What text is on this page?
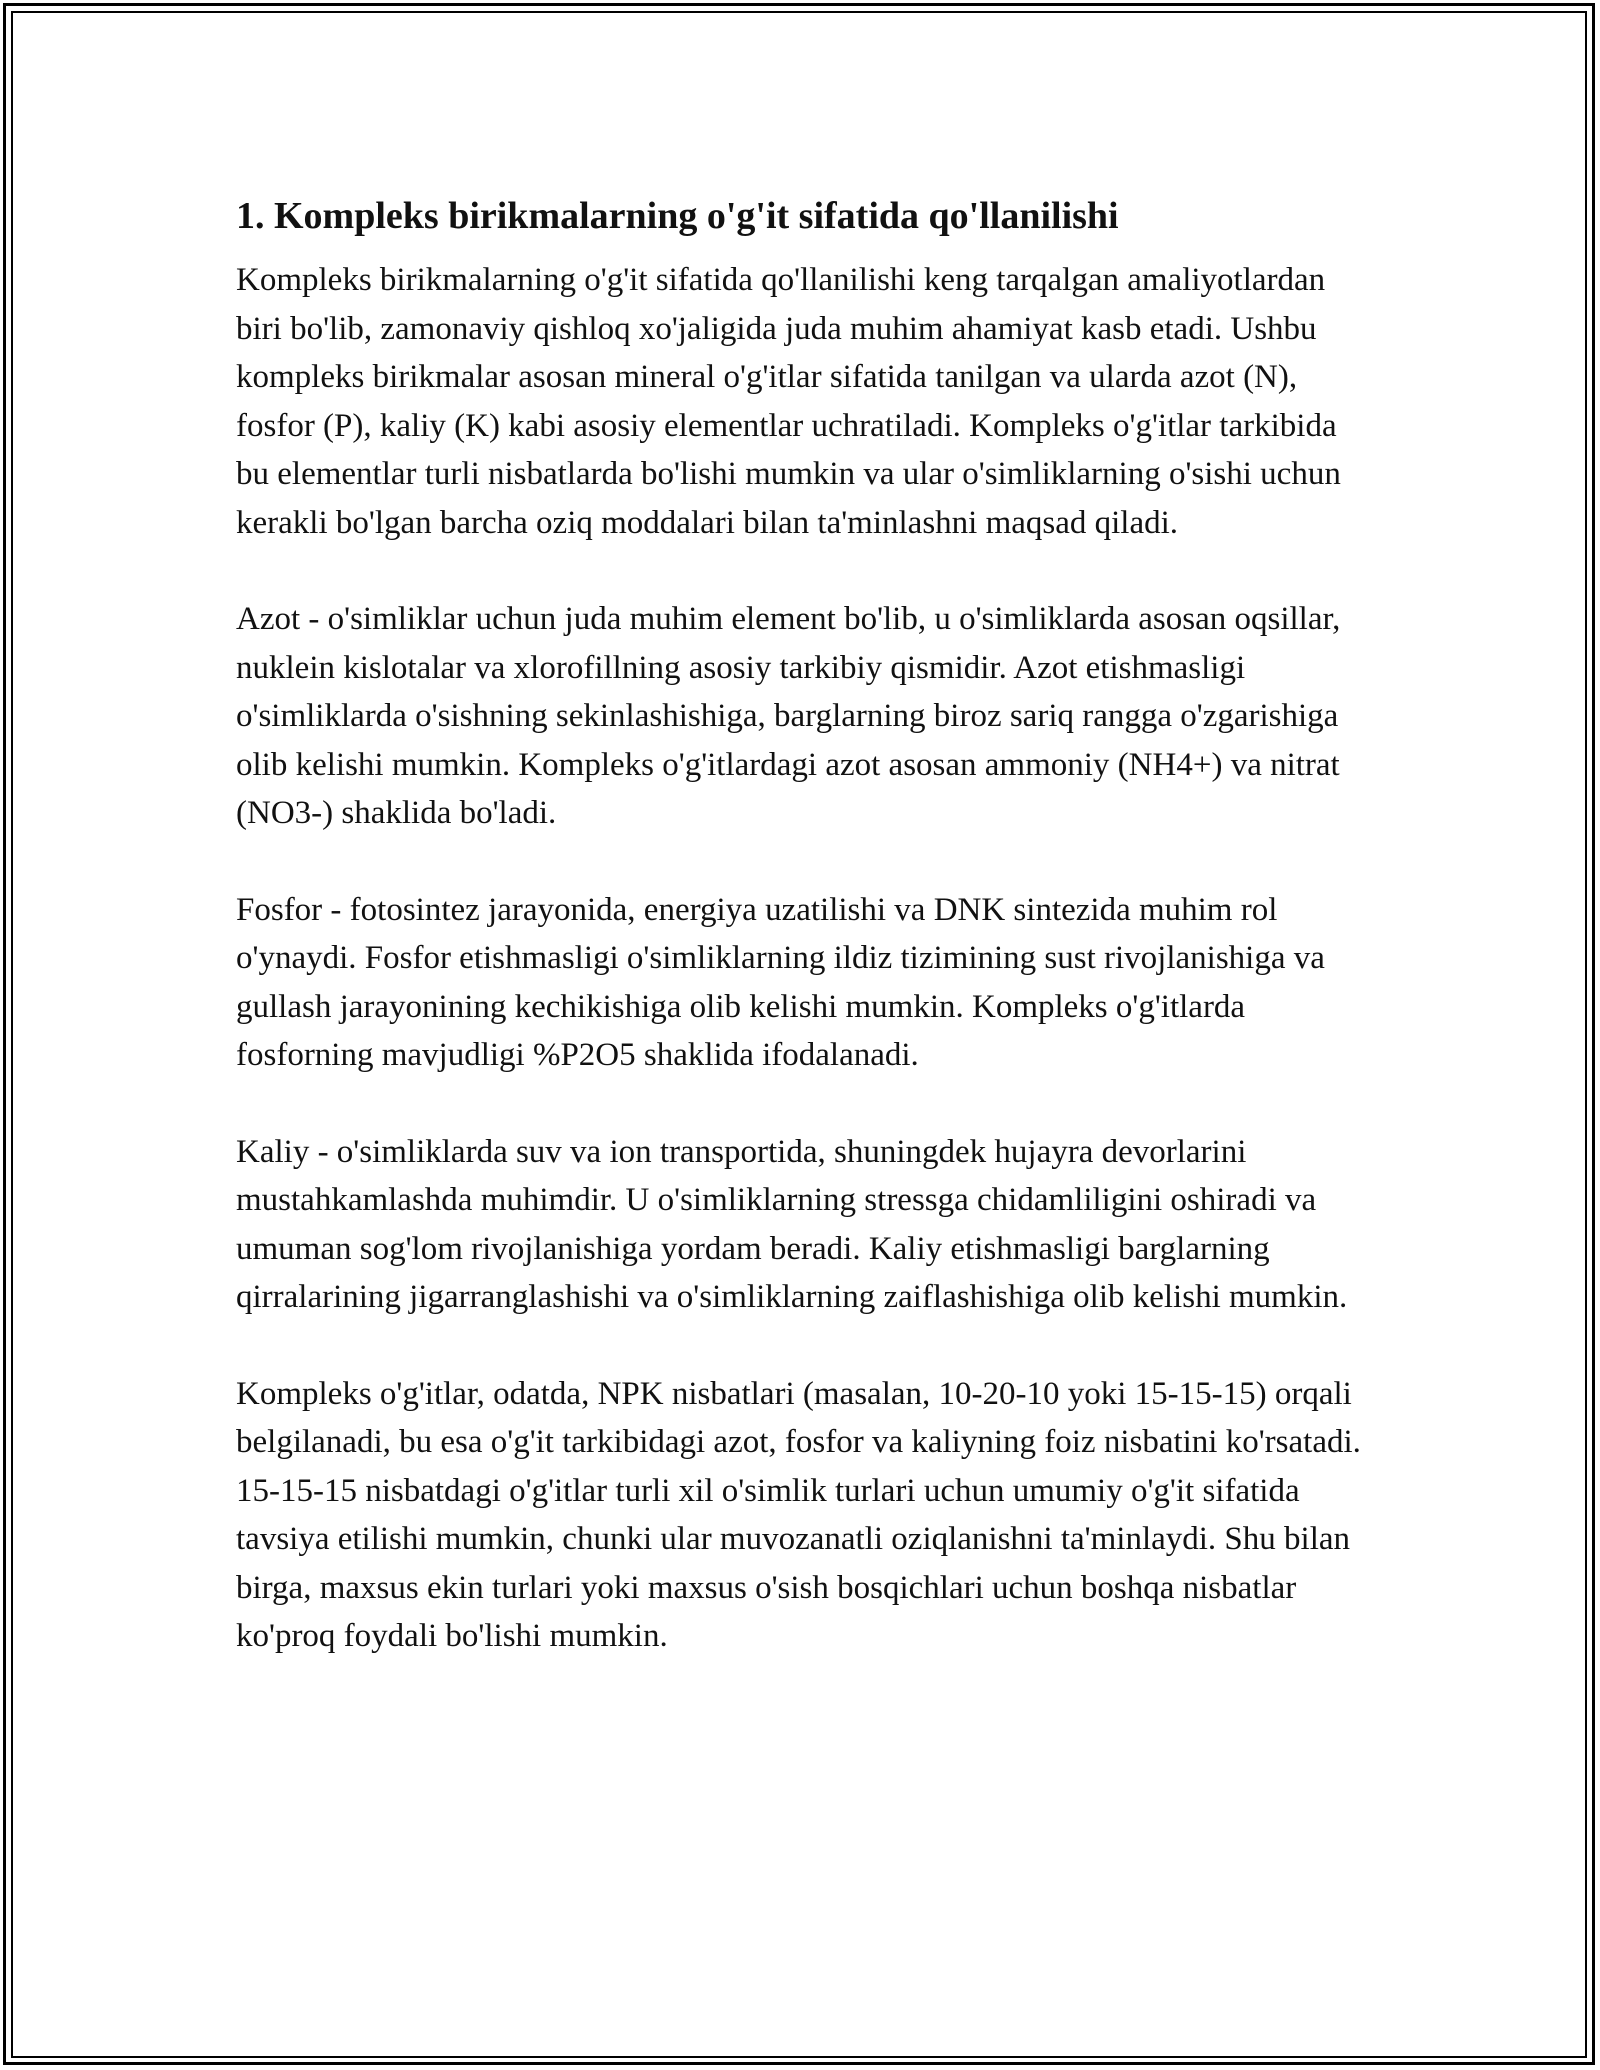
1. Kompleks birikmalarning o'g'it sifatida qo'llanilishi

Kompleks birikmalarning o'g'it sifatida qo'llanilishi keng tarqalgan amaliyotlardan biri bo'lib, zamonaviy qishloq xo'jaligida juda muhim ahamiyat kasb etadi. Ushbu kompleks birikmalar asosan mineral o'g'itlar sifatida tanilgan va ularda azot (N), fosfor (P), kaliy (K) kabi asosiy elementlar uchratiladi. Kompleks o'g'itlar tarkibida bu elementlar turli nisbatlarda bo'lishi mumkin va ular o'simliklarning o'sishi uchun kerakli bo'lgan barcha oziq moddalari bilan ta'minlashni maqsad qiladi.

Azot - o'simliklar uchun juda muhim element bo'lib, u o'simliklarda asosan oqsillar, nuklein kislotalar va xlorofillning asosiy tarkibiy qismidir. Azot etishmasligi o'simliklarda o'sishning sekinlashishiga, barglarning biroz sariq rangga o'zgarishiga olib kelishi mumkin. Kompleks o'g'itlardagi azot asosan ammoniy (NH4+) va nitrat (NO3-) shaklida bo'ladi.

Fosfor - fotosintez jarayonida, energiya uzatilishi va DNK sintezida muhim rol o'ynaydi. Fosfor etishmasligi o'simliklarning ildiz tizimining sust rivojlanishiga va gullash jarayonining kechikishiga olib kelishi mumkin. Kompleks o'g'itlarda fosforning mavjudligi %P2O5 shaklida ifodalanadi.

Kaliy - o'simliklarda suv va ion transportida, shuningdek hujayra devorlarini mustahkamlashda muhimdir. U o'simliklarning stressga chidamliligini oshiradi va umuman sog'lom rivojlanishiga yordam beradi. Kaliy etishmasligi barglarning qirralarining jigarranglashishi va o'simliklarning zaiflashishiga olib kelishi mumkin.

Kompleks o'g'itlar, odatda, NPK nisbatlari (masalan, 10-20-10 yoki 15-15-15) orqali belgilanadi, bu esa o'g'it tarkibidagi azot, fosfor va kaliyning foiz nisbatini ko'rsatadi. 15-15-15 nisbatdagi o'g'itlar turli xil o'simlik turlari uchun umumiy o'g'it sifatida tavsiya etilishi mumkin, chunki ular muvozanatli oziqlanishni ta'minlaydi. Shu bilan birga, maxsus ekin turlari yoki maxsus o'sish bosqichlari uchun boshqa nisbatlar ko'proq foydali bo'lishi mumkin.
